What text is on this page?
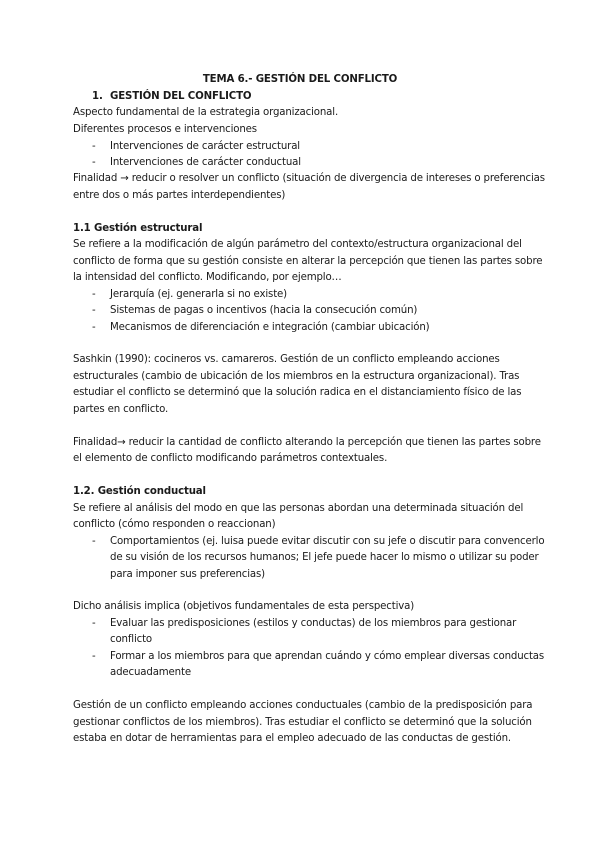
TEMA 6.- GESTIÓN DEL CONFLICTO
1. GESTIÓN DEL CONFLICTO
Aspecto fundamental de la estrategia organizacional.
Diferentes procesos e intervenciones
- Intervenciones de carácter estructural
- Intervenciones de carácter conductual
Finalidad → reducir o resolver un conflicto (situación de divergencia de intereses o preferencias
entre dos o más partes interdependientes)
1.1 Gestión estructural
Se refiere a la modificación de algún parámetro del contexto/estructura organizacional del
conflicto de forma que su gestión consiste en alterar la percepción que tienen las partes sobre
la intensidad del conflicto. Modificando, por ejemplo…
- Jerarquía (ej. generarla si no existe)
- Sistemas de pagas o incentivos (hacia la consecución común)
- Mecanismos de diferenciación e integración (cambiar ubicación)
Sashkin (1990): cocineros vs. camareros. Gestión de un conflicto empleando acciones
estructurales (cambio de ubicación de los miembros en la estructura organizacional). Tras
estudiar el conflicto se determinó que la solución radica en el distanciamiento físico de las
partes en conflicto.
Finalidad→ reducir la cantidad de conflicto alterando la percepción que tienen las partes sobre
el elemento de conflicto modificando parámetros contextuales.
1.2. Gestión conductual
Se refiere al análisis del modo en que las personas abordan una determinada situación del
conflicto (cómo responden o reaccionan)
- Comportamientos (ej. luisa puede evitar discutir con su jefe o discutir para convencerlo
de su visión de los recursos humanos; El jefe puede hacer lo mismo o utilizar su poder
para imponer sus preferencias)
Dicho análisis implica (objetivos fundamentales de esta perspectiva)
- Evaluar las predisposiciones (estilos y conductas) de los miembros para gestionar
conflicto
- Formar a los miembros para que aprendan cuándo y cómo emplear diversas conductas
adecuadamente
Gestión de un conflicto empleando acciones conductuales (cambio de la predisposición para
gestionar conflictos de los miembros). Tras estudiar el conflicto se determinó que la solución
estaba en dotar de herramientas para el empleo adecuado de las conductas de gestión.
